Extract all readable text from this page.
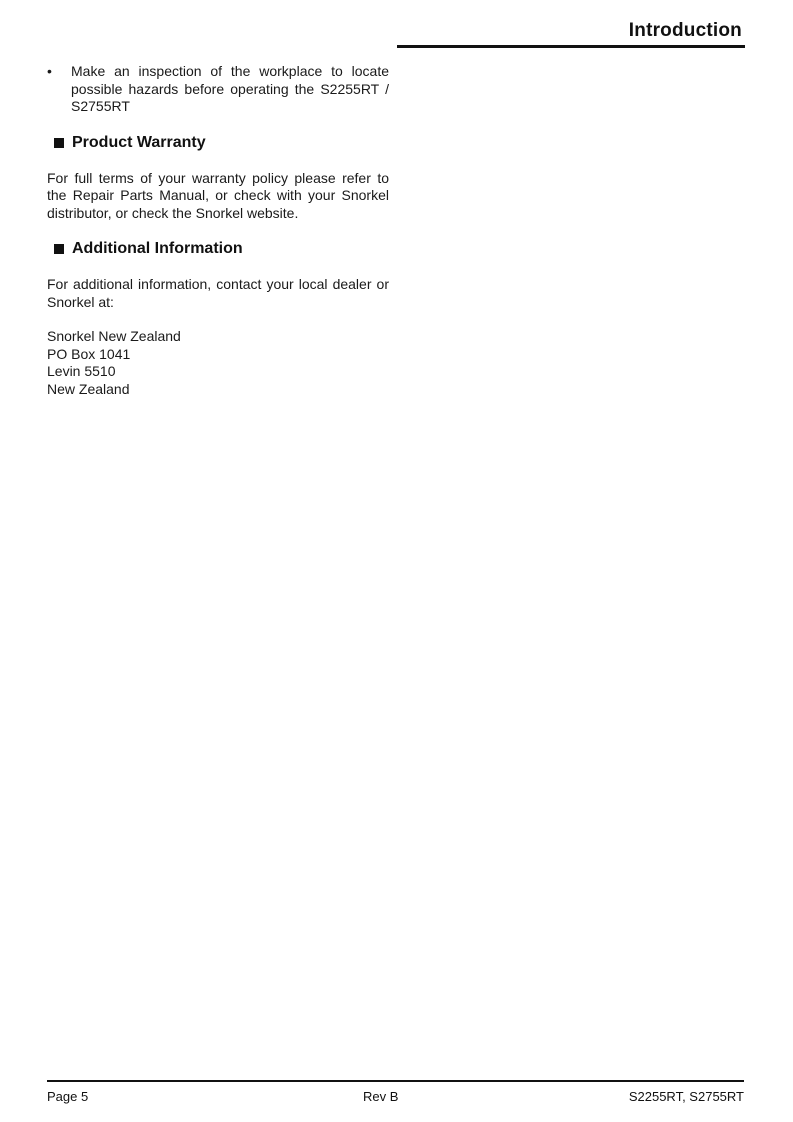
Introduction
• Make an inspection of the workplace to locate possible hazards before operating the S2255RT / S2755RT
Product Warranty

For full terms of your warranty policy please refer to the Repair Parts Manual, or check with your Snorkel distributor, or check the Snorkel website.

Additional Information

For additional information, contact your local dealer or Snorkel at:

Snorkel New Zealand
PO Box 1041
Levin 5510
New Zealand
Page 5	Rev B	S2255RT, S2755RT
